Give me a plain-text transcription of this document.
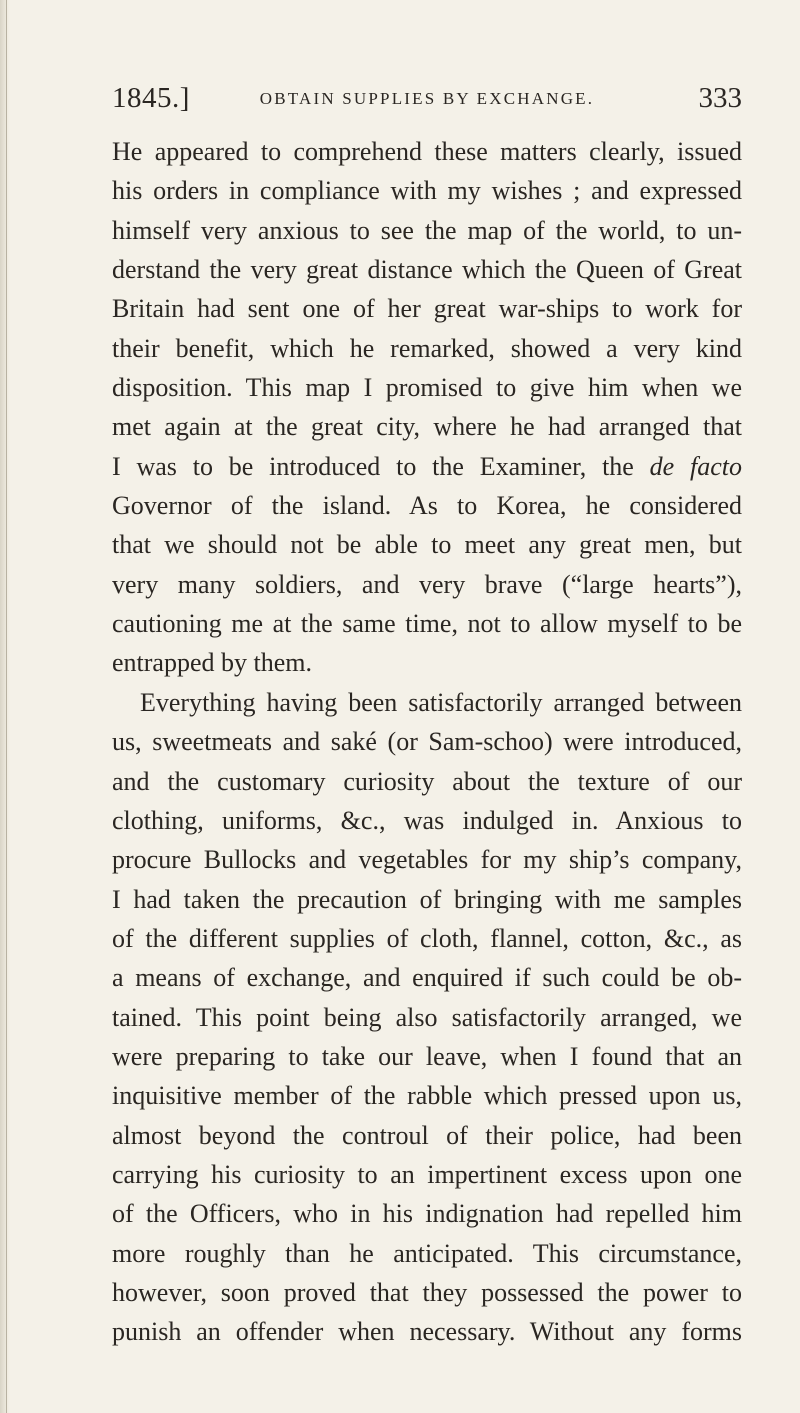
1845.]	OBTAIN SUPPLIES BY EXCHANGE.	333
He appeared to comprehend these matters clearly, issued
his orders in compliance with my wishes ; and expressed
himself very anxious to see the map of the world, to un-
derstand the very great distance which the Queen of Great
Britain had sent one of her great war-ships to work for
their benefit, which he remarked, showed a very kind
disposition. This map I promised to give him when we
met again at the great city, where he had arranged that
I was to be introduced to the Examiner, the de facto
Governor of the island. As to Korea, he considered
that we should not be able to meet any great men, but
very many soldiers, and very brave (“large hearts”),
cautioning me at the same time, not to allow myself to be
entrapped by them.
Everything having been satisfactorily arranged between
us, sweetmeats and saké (or Sam-schoo) were introduced,
and the customary curiosity about the texture of our
clothing, uniforms, &c., was indulged in. Anxious to
procure Bullocks and vegetables for my ship’s company,
I had taken the precaution of bringing with me samples
of the different supplies of cloth, flannel, cotton, &c., as
a means of exchange, and enquired if such could be ob-
tained. This point being also satisfactorily arranged, we
were preparing to take our leave, when I found that an
inquisitive member of the rabble which pressed upon us,
almost beyond the controul of their police, had been
carrying his curiosity to an impertinent excess upon one
of the Officers, who in his indignation had repelled him
more roughly than he anticipated. This circumstance,
however, soon proved that they possessed the power to
punish an offender when necessary. Without any forms
